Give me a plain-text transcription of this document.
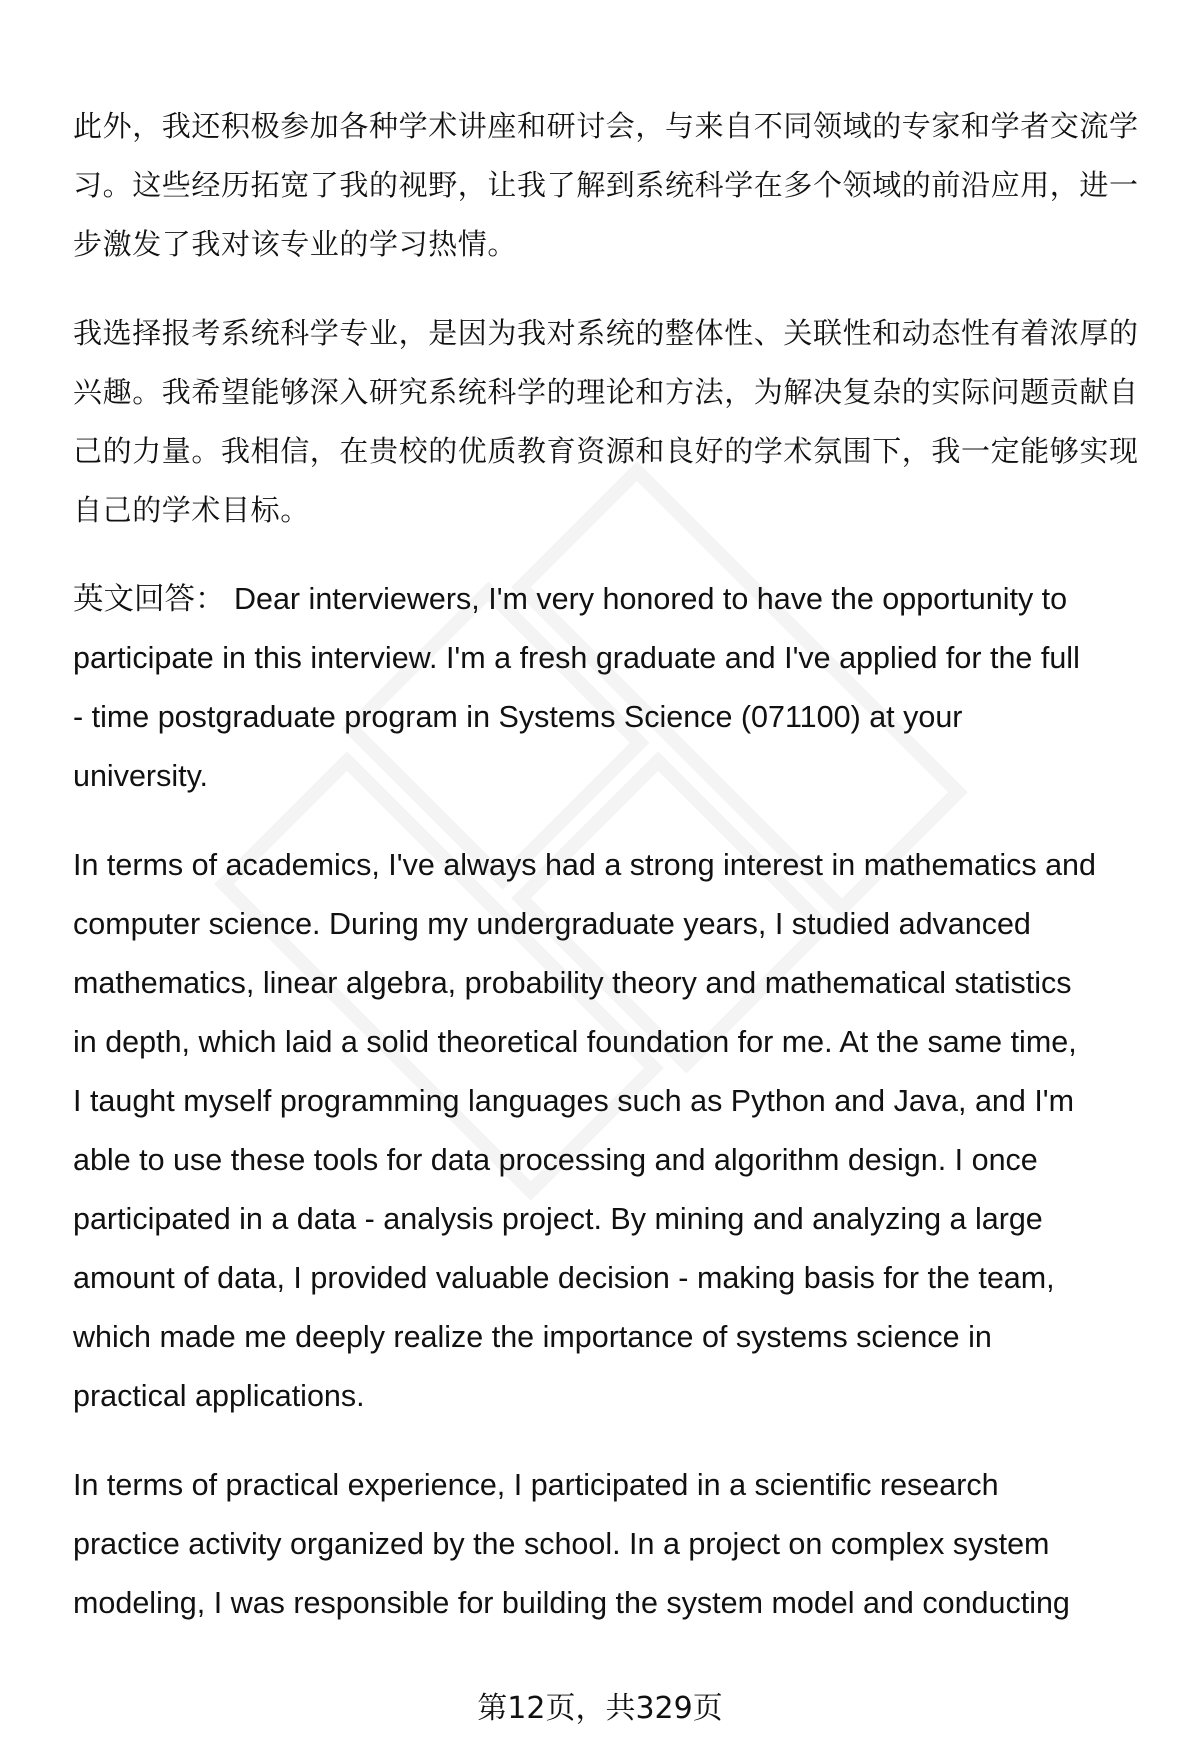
此外，我还积极参加各种学术讲座和研讨会，与来自不同领域的专家和学者交流学
习。这些经历拓宽了我的视野，让我了解到系统科学在多个领域的前沿应用，进一
步激发了我对该专业的学习热情。
我选择报考系统科学专业，是因为我对系统的整体性、关联性和动态性有着浓厚的
兴趣。我希望能够深入研究系统科学的理论和方法，为解决复杂的实际问题贡献自
己的力量。我相信，在贵校的优质教育资源和良好的学术氛围下，我一定能够实现
自己的学术目标。
英文回答： Dear interviewers, I'm very honored to have the opportunity to
participate in this interview. I'm a fresh graduate and I've applied for the full
- time postgraduate program in Systems Science (071100) at your
university.
In terms of academics, I've always had a strong interest in mathematics and
computer science. During my undergraduate years, I studied advanced
mathematics, linear algebra, probability theory and mathematical statistics
in depth, which laid a solid theoretical foundation for me. At the same time,
I taught myself programming languages such as Python and Java, and I'm
able to use these tools for data processing and algorithm design. I once
participated in a data - analysis project. By mining and analyzing a large
amount of data, I provided valuable decision - making basis for the team,
which made me deeply realize the importance of systems science in
practical applications.
In terms of practical experience, I participated in a scientific research
practice activity organized by the school. In a project on complex system
modeling, I was responsible for building the system model and conducting
第12页，共329页
